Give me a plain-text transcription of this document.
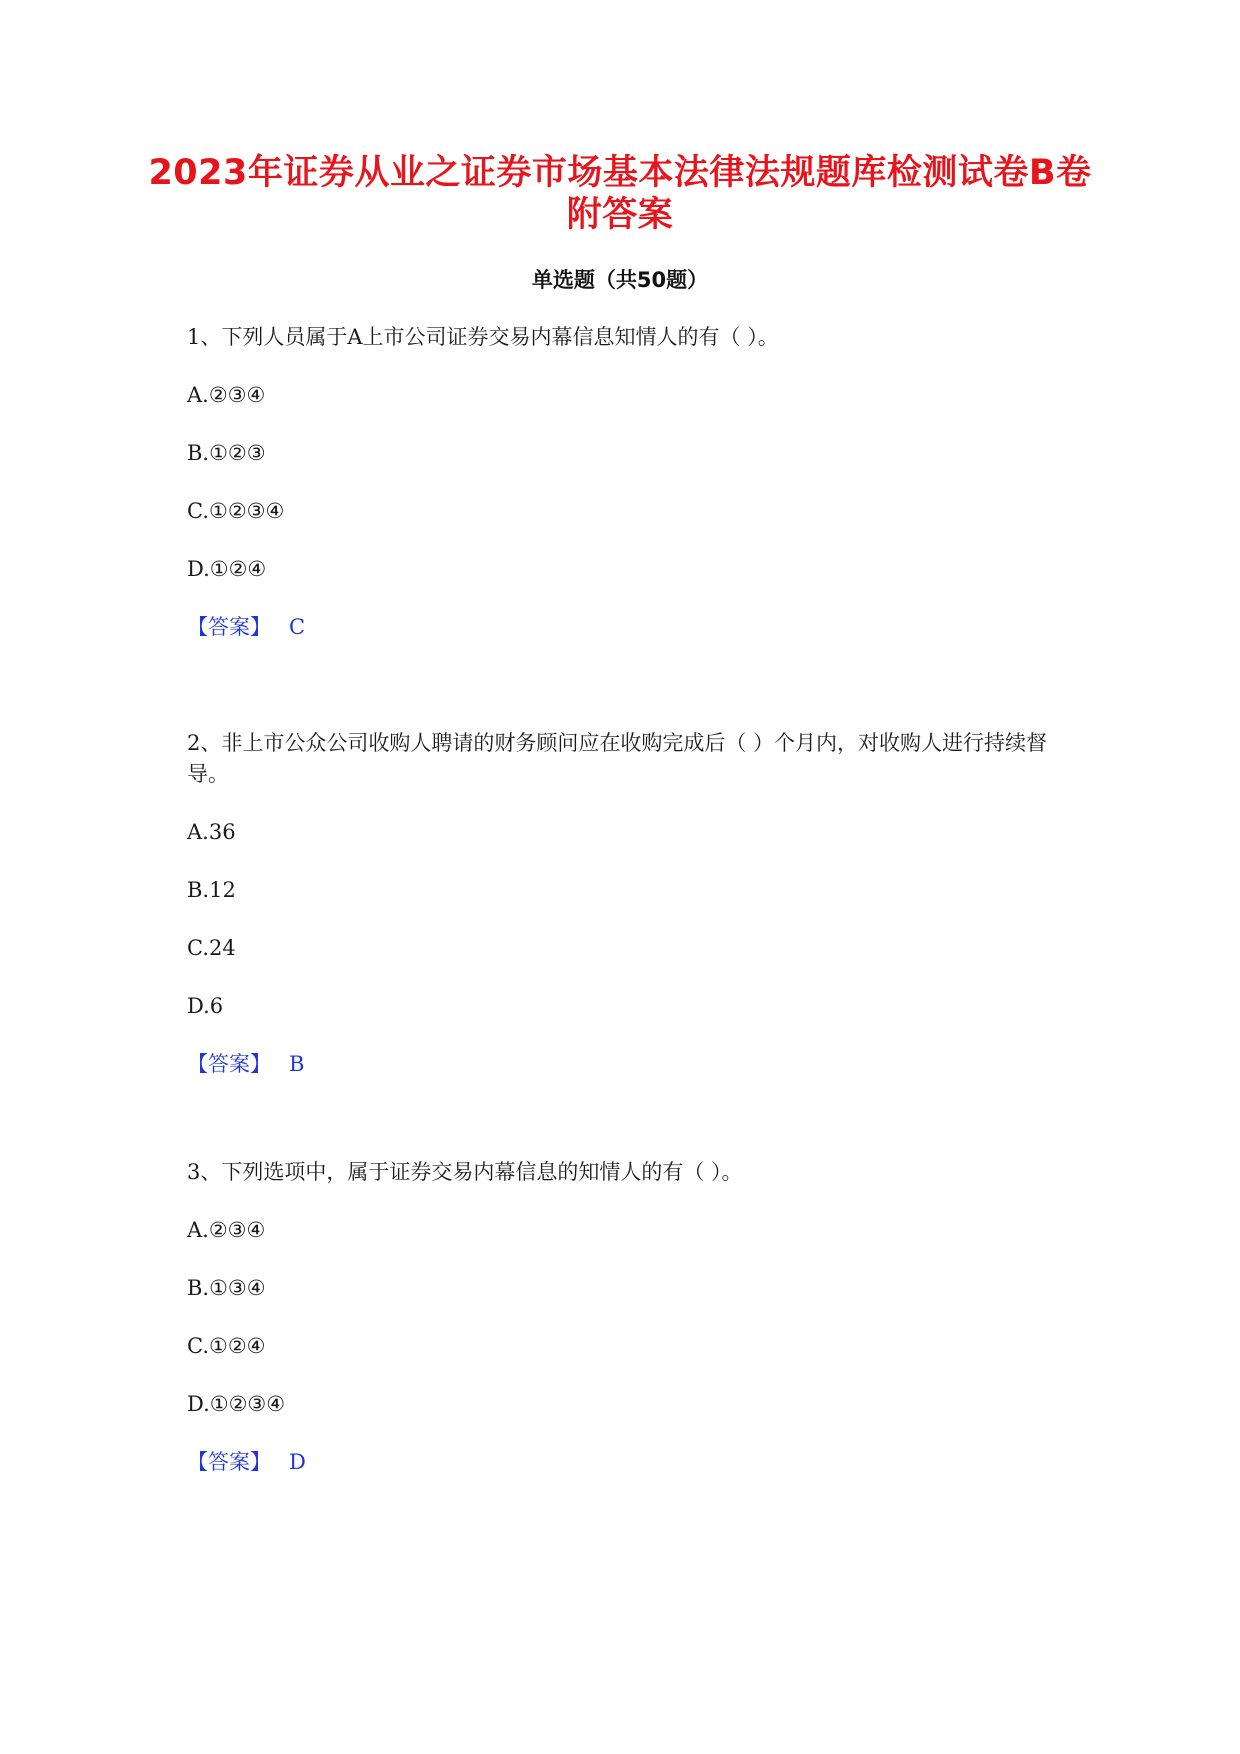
2023年证券从业之证券市场基本法律法规题库检测试卷B卷附答案
单选题（共50题）

1、下列人员属于A上市公司证券交易内幕信息知情人的有（ ）。

A.②③④
B.①②③
C.①②③④
D.①②④

【答案】 C

2、非上市公众公司收购人聘请的财务顾问应在收购完成后（ ）个月内，对收购人进行持续督导。

A.36
B.12
C.24
D.6

【答案】 B

3、下列选项中，属于证券交易内幕信息的知情人的有（ ）。

A.②③④
B.①③④
C.①②④
D.①②③④

【答案】 D
